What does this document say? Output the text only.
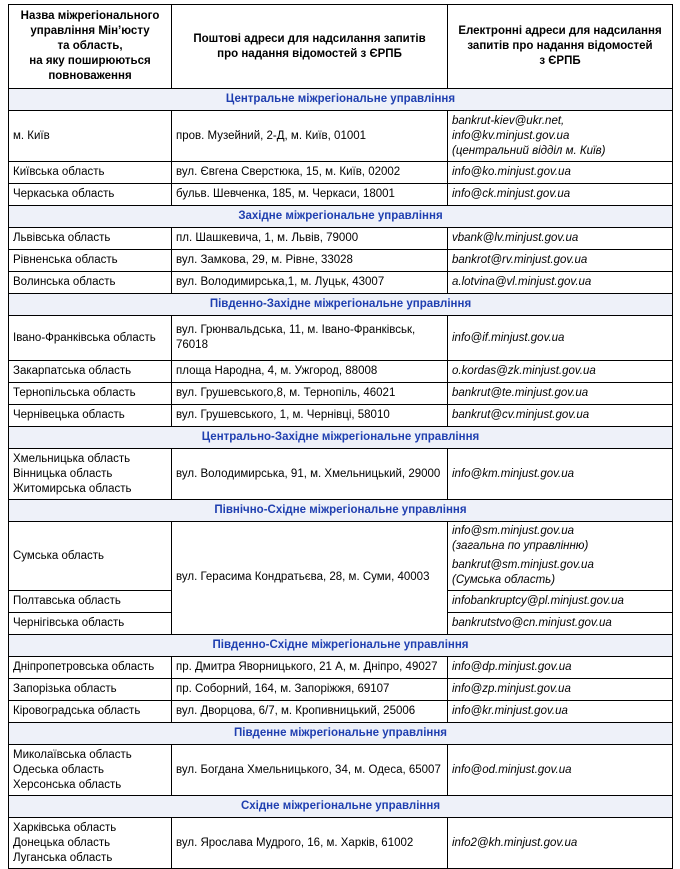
Назва міжрегіонального
управління Мін’юсту
та область,
на яку поширюються
повноваження	Поштові адреси для надсилання запитів
про надання відомостей з ЄРПБ	Електронні адреси для надсилання
запитів про надання відомостей
з ЄРПБ

Центральне міжрегіональне управління		

м. Київ	пров. Музейний, 2-Д, м. Київ, 01001	bankrut-kiev@ukr.net,
info@kv.minjust.gov.ua
(центральний відділ м. Київ)

Київська область	вул. Євгена Сверстюка, 15, м. Київ, 02002	info@ko.minjust.gov.ua

Черкаська область	бульв. Шевченка, 185, м. Черкаси, 18001	info@ck.minjust.gov.ua

Західне міжрегіональне управління		

Львівська область	пл. Шашкевича, 1, м. Львів, 79000	vbank@lv.minjust.gov.ua

Рівненська область	вул. Замкова, 29, м. Рівне, 33028	bankrot@rv.minjust.gov.ua

Волинська область	вул. Володимирська,1, м. Луцьк, 43007	a.lotvina@vl.minjust.gov.ua

Південно-Західне міжрегіональне управління		

Івано-Франківська область	вул. Грюнвальдська, 11, м. Івано-Франківськ,
76018	info@if.minjust.gov.ua

Закарпатська область	площа Народна, 4, м. Ужгород, 88008	o.kordas@zk.minjust.gov.ua

Тернопільська область	вул. Грушевського,8, м. Тернопіль, 46021	bankrut@te.minjust.gov.ua

Чернівецька область	вул. Грушевського, 1, м. Чернівці, 58010	bankrut@cv.minjust.gov.ua

Центрально-Західне міжрегіональне управління		

Хмельницька область
Вінницька область
Житомирська область	вул. Володимирська, 91, м. Хмельницький, 29000	info@km.minjust.gov.ua

Північно-Східне міжрегіональне управління		

Сумська область	вул. Герасима Кондратьєва, 28, м. Суми, 40003	info@sm.minjust.gov.ua
(загальна по управлінню)
bankrut@sm.minjust.gov.ua
(Сумська область)

Полтавська область		infobankruptcy@pl.minjust.gov.ua

Чернігівська область		bankrutstvo@cn.minjust.gov.ua

Південно-Східне міжрегіональне управління		

Дніпропетровська область	пр. Дмитра Яворницького, 21 А, м. Дніпро, 49027	info@dp.minjust.gov.ua

Запорізька область	пр. Соборний, 164, м. Запоріжжя, 69107	info@zp.minjust.gov.ua

Кіровоградська область	вул. Дворцова, 6/7, м. Кропивницький, 25006	info@kr.minjust.gov.ua

Південне міжрегіональне управління		

Миколаївська область
Одеська область
Херсонська область	вул. Богдана Хмельницького, 34, м. Одеса, 65007	info@od.minjust.gov.ua

Східне міжрегіональне управління		

Харківська область
Донецька область
Луганська область	вул. Ярослава Мудрого, 16, м. Харків, 61002	info2@kh.minjust.gov.ua
